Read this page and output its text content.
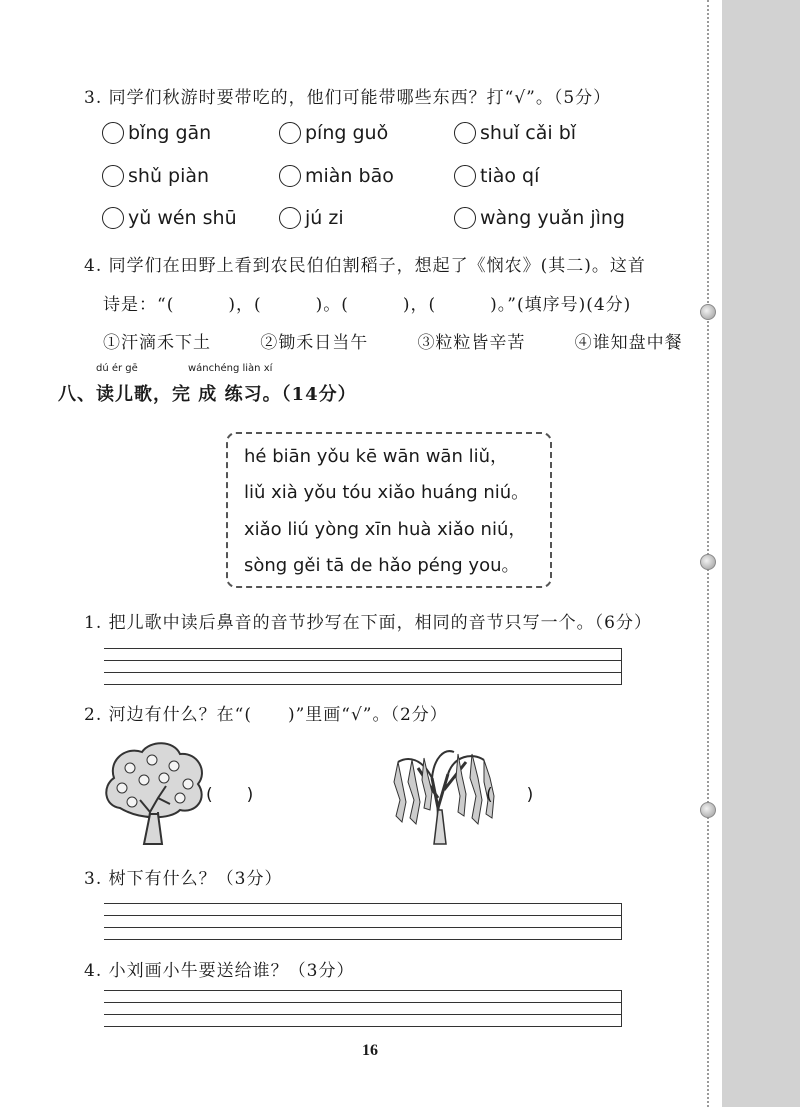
3. 同学们秋游时要带吃的，他们可能带哪些东西？打“√”。（5分）
bǐng gān	píng guǒ	shuǐ cǎi bǐ
shǔ piàn	miàn bāo	tiào qí
yǔ wén shū	jú zi	wàng yuǎn jìng
4. 同学们在田野上看到农民伯伯割稻子，想起了《悯农》(其二)。这首
诗是：“(　　　)，(　　　)。(　　　)，(　　　)。”(填序号)(4分)
①汗滴禾下土	②锄禾日当午	③粒粒皆辛苦	④谁知盘中餐
dú ér gē	wánchéng liàn xí
八、读儿歌，完 成 练习。（14分）
hé biān yǒu kē wān wān liǔ，
liǔ xià yǒu tóu xiǎo huáng niú。
xiǎo liú yòng xīn huà xiǎo niú，
sòng gěi tā de hǎo péng you。
1. 把儿歌中读后鼻音的音节抄写在下面，相同的音节只写一个。（6分）
2. 河边有什么？在“(　　)”里画“√”。（2分）
(　　)	(　　)
3. 树下有什么？（3分）
4. 小刘画小牛要送给谁？（3分）
16
